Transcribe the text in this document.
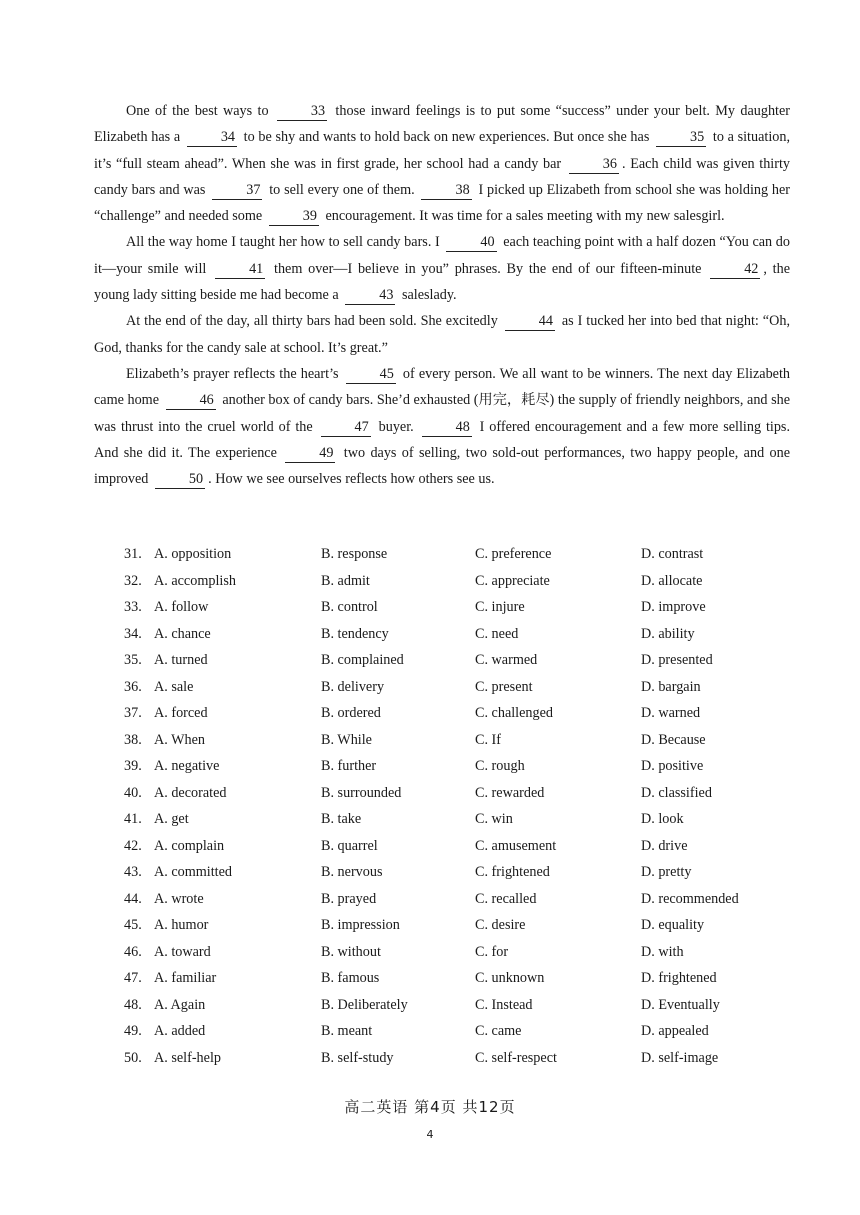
One of the best ways to	33 those inward feelings is to put some “success” under your belt. My daughter Elizabeth has a	34 to be shy and wants to hold back on new experiences. But once she has	35 to a situation, it’s “full steam ahead”. When she was in first grade, her school had a candy bar	36 . Each child was given thirty candy bars and was	37 to sell every one of them.	38 I picked up Elizabeth from school she was holding her “challenge” and needed some	39 encouragement. It was time for a sales meeting with my new salesgirl.

All the way home I taught her how to sell candy bars. I	40 each teaching point with a half dozen “You can do it—your smile will	41 them over—I believe in you” phrases. By the end of our fifteen-minute	42 , the young lady sitting beside me had become a	43 saleslady.

At the end of the day, all thirty bars had been sold. She excitedly	44 as I tucked her into bed that night: “Oh, God, thanks for the candy sale at school. It’s great.”

Elizabeth’s prayer reflects the heart’s	45 of every person. We all want to be winners. The next day Elizabeth came home	46 another box of candy bars. She’d exhausted (用完，耗尽) the supply of friendly neighbors, and she was thrust into the cruel world of the	47 buyer.	48 I offered encouragement and a few more selling tips. And she did it. The experience	49 two days of selling, two sold-out performances, two happy people, and one improved	50 . How we see ourselves reflects how others see us.

31. A. opposition	B. response	C. preference	D. contrast
32. A. accomplish	B. admit	C. appreciate	D. allocate
33. A. follow	B. control	C. injure	D. improve
34. A. chance	B. tendency	C. need	D. ability
35. A. turned	B. complained	C. warmed	D. presented
36. A. sale	B. delivery	C. present	D. bargain
37. A. forced	B. ordered	C. challenged	D. warned
38. A. When	B. While	C. If	D. Because
39. A. negative	B. further	C. rough	D. positive
40. A. decorated	B. surrounded	C. rewarded	D. classified
41. A. get	B. take	C. win	D. look
42. A. complain	B. quarrel	C. amusement	D. drive
43. A. committed	B. nervous	C. frightened	D. pretty
44. A. wrote	B. prayed	C. recalled	D. recommended
45. A. humor	B. impression	C. desire	D. equality
46. A. toward	B. without	C. for	D. with
47. A. familiar	B. famous	C. unknown	D. frightened
48. A. Again	B. Deliberately	C. Instead	D. Eventually
49. A. added	B. meant	C. came	D. appealed
50. A. self-help	B. self-study	C. self-respect	D. self-image
高二英语 第4页 共12页
4
